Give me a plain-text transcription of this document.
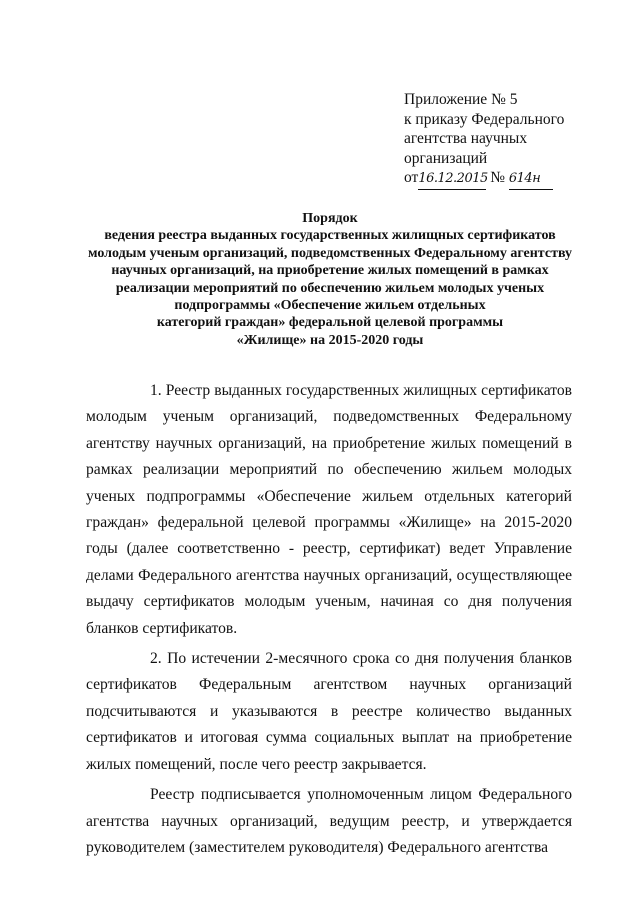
Приложение № 5
к приказу Федерального
агентства научных
организаций
от16.12.2015 № 614н
Порядок
ведения реестра выданных государственных жилищных сертификатов
молодым ученым организаций, подведомственных Федеральному агентству
научных организаций, на приобретение жилых помещений в рамках
реализации мероприятий по обеспечению жильем молодых ученых
подпрограммы «Обеспечение жильем отдельных
категорий граждан» федеральной целевой программы
«Жилище» на 2015-2020 годы

1. Реестр выданных государственных жилищных сертификатов молодым ученым организаций, подведомственных Федеральному агентству научных организаций, на приобретение жилых помещений в рамках реализации мероприятий по обеспечению жильем молодых ученых подпрограммы «Обеспечение жильем отдельных категорий граждан» федеральной целевой программы «Жилище» на 2015-2020 годы (далее соответственно - реестр, сертификат) ведет Управление делами Федерального агентства научных организаций, осуществляющее выдачу сертификатов молодым ученым, начиная со дня получения бланков сертификатов.

2. По истечении 2-месячного срока со дня получения бланков сертификатов Федеральным агентством научных организаций подсчитываются и указываются в реестре количество выданных сертификатов и итоговая сумма социальных выплат на приобретение жилых помещений, после чего реестр закрывается.

Реестр подписывается уполномоченным лицом Федерального агентства научных организаций, ведущим реестр, и утверждается руководителем (заместителем руководителя) Федерального агентства
